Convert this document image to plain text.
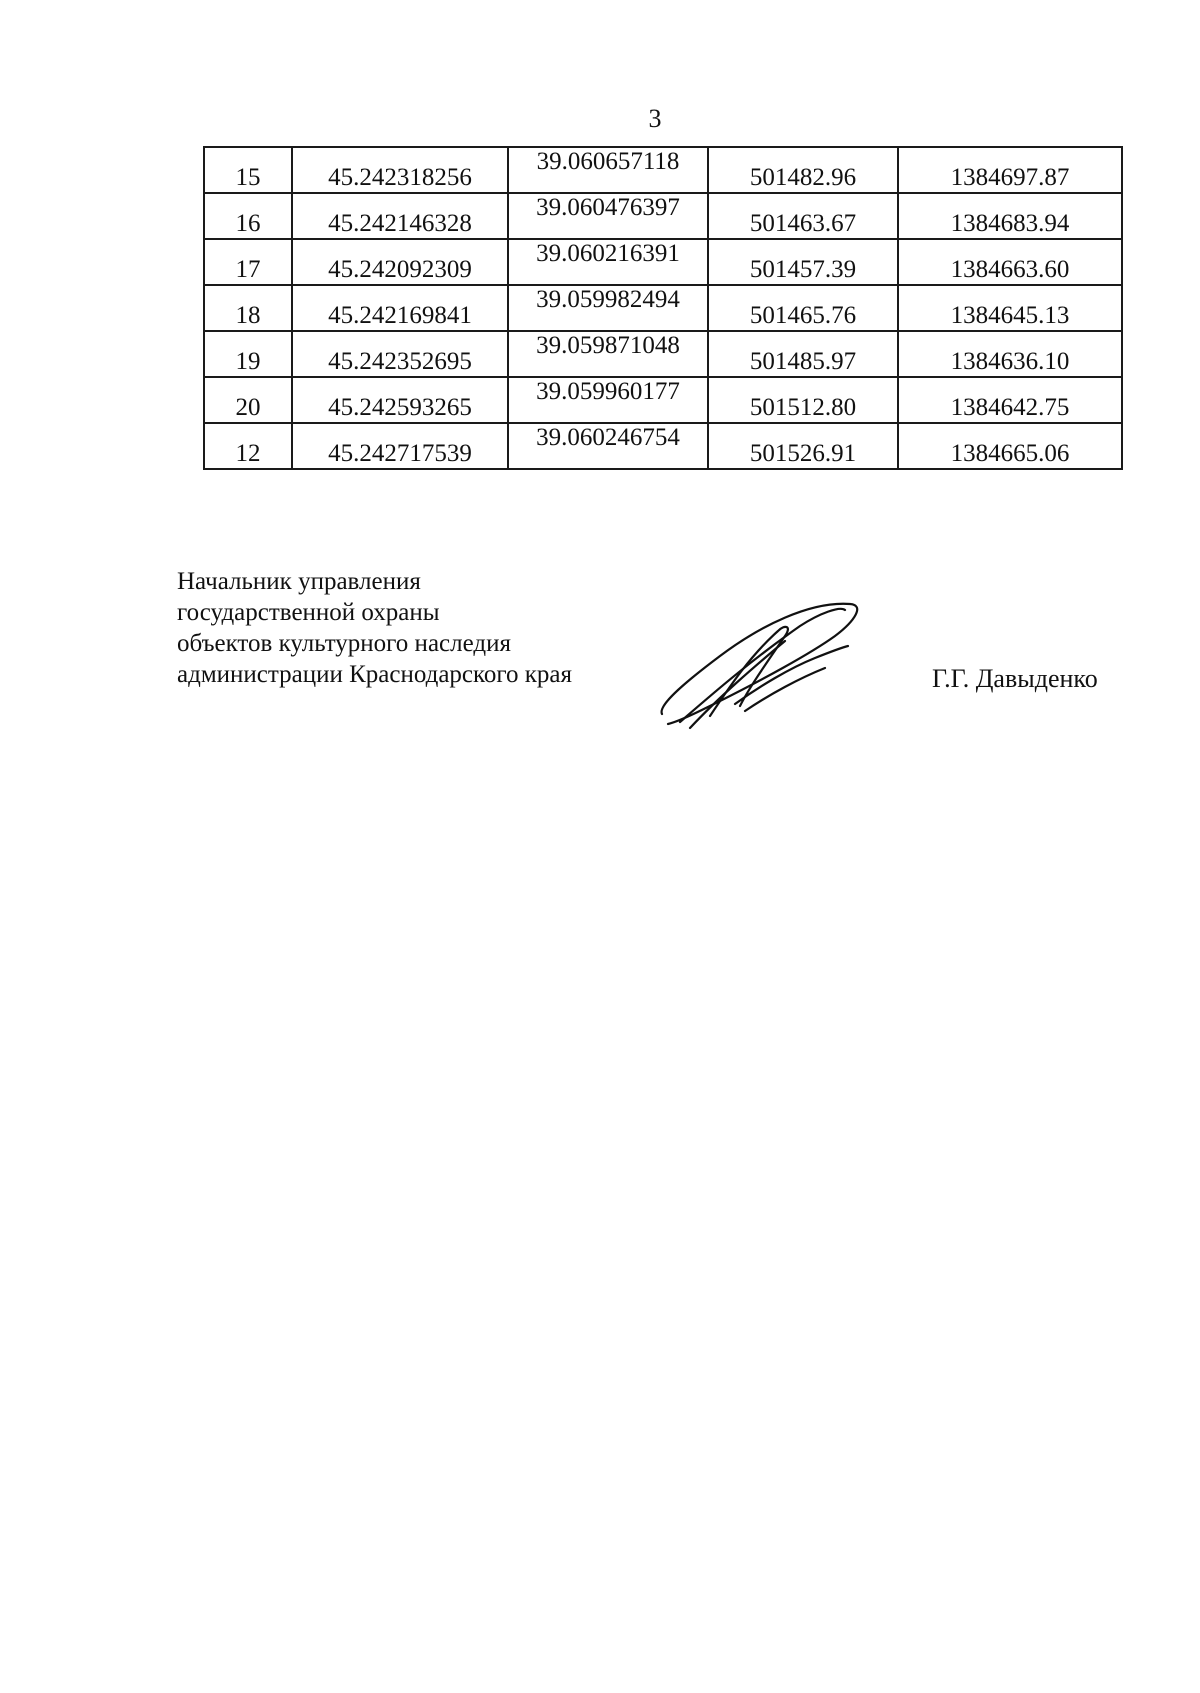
3
15	45.242318256	39.060657118	501482.96	1384697.87
16	45.242146328	39.060476397	501463.67	1384683.94
17	45.242092309	39.060216391	501457.39	1384663.60
18	45.242169841	39.059982494	501465.76	1384645.13
19	45.242352695	39.059871048	501485.97	1384636.10
20	45.242593265	39.059960177	501512.80	1384642.75
12	45.242717539	39.060246754	501526.91	1384665.06
Начальник управления
государственной охраны
объектов культурного наследия
администрации Краснодарского края	Г.Г. Давыденко
